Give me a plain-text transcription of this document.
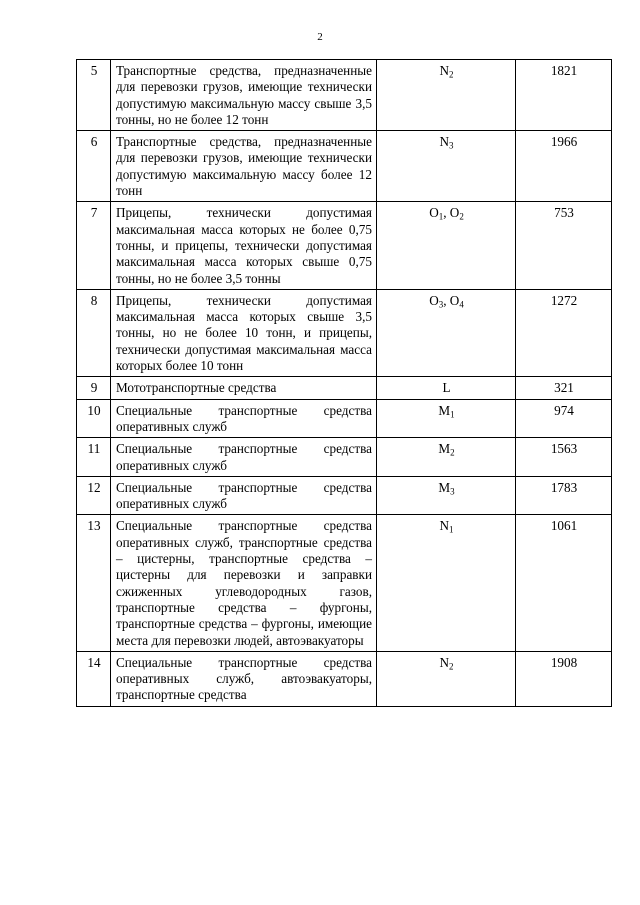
2
5	Транспортные средства, предназначенные для перевозки грузов, имеющие технически допустимую максимальную массу свыше 3,5 тонны, но не более 12 тонн	$N_2$	1821
6	Транспортные средства, предназначенные для перевозки грузов, имеющие технически допустимую максимальную массу более 12 тонн	$N_3$	1966
7	Прицепы, технически допустимая максимальная масса которых не более 0,75 тонны, и прицепы, технически допустимая максимальная масса которых свыше 0,75 тонны, но не более 3,5 тонны	$O_1$, $O_2$	753
8	Прицепы, технически допустимая максимальная масса которых свыше 3,5 тонны, но не более 10 тонн, и прицепы, технически допустимая максимальная масса которых более 10 тонн	$O_3$, $O_4$	1272
9	Мототранспортные средства	L	321
10	Специальные транспортные средства оперативных служб	$M_1$	974
11	Специальные транспортные средства оперативных служб	$M_2$	1563
12	Специальные транспортные средства оперативных служб	$M_3$	1783
13	Специальные транспортные средства оперативных служб, транспортные средства – цистерны, транспортные средства – цистерны для перевозки и заправки сжиженных углеводородных газов, транспортные средства – фургоны, транспортные средства – фургоны, имеющие места для перевозки людей, автоэвакуаторы	$N_1$	1061
14	Специальные транспортные средства оперативных служб, автоэвакуаторы, транспортные средства	$N_2$	1908
